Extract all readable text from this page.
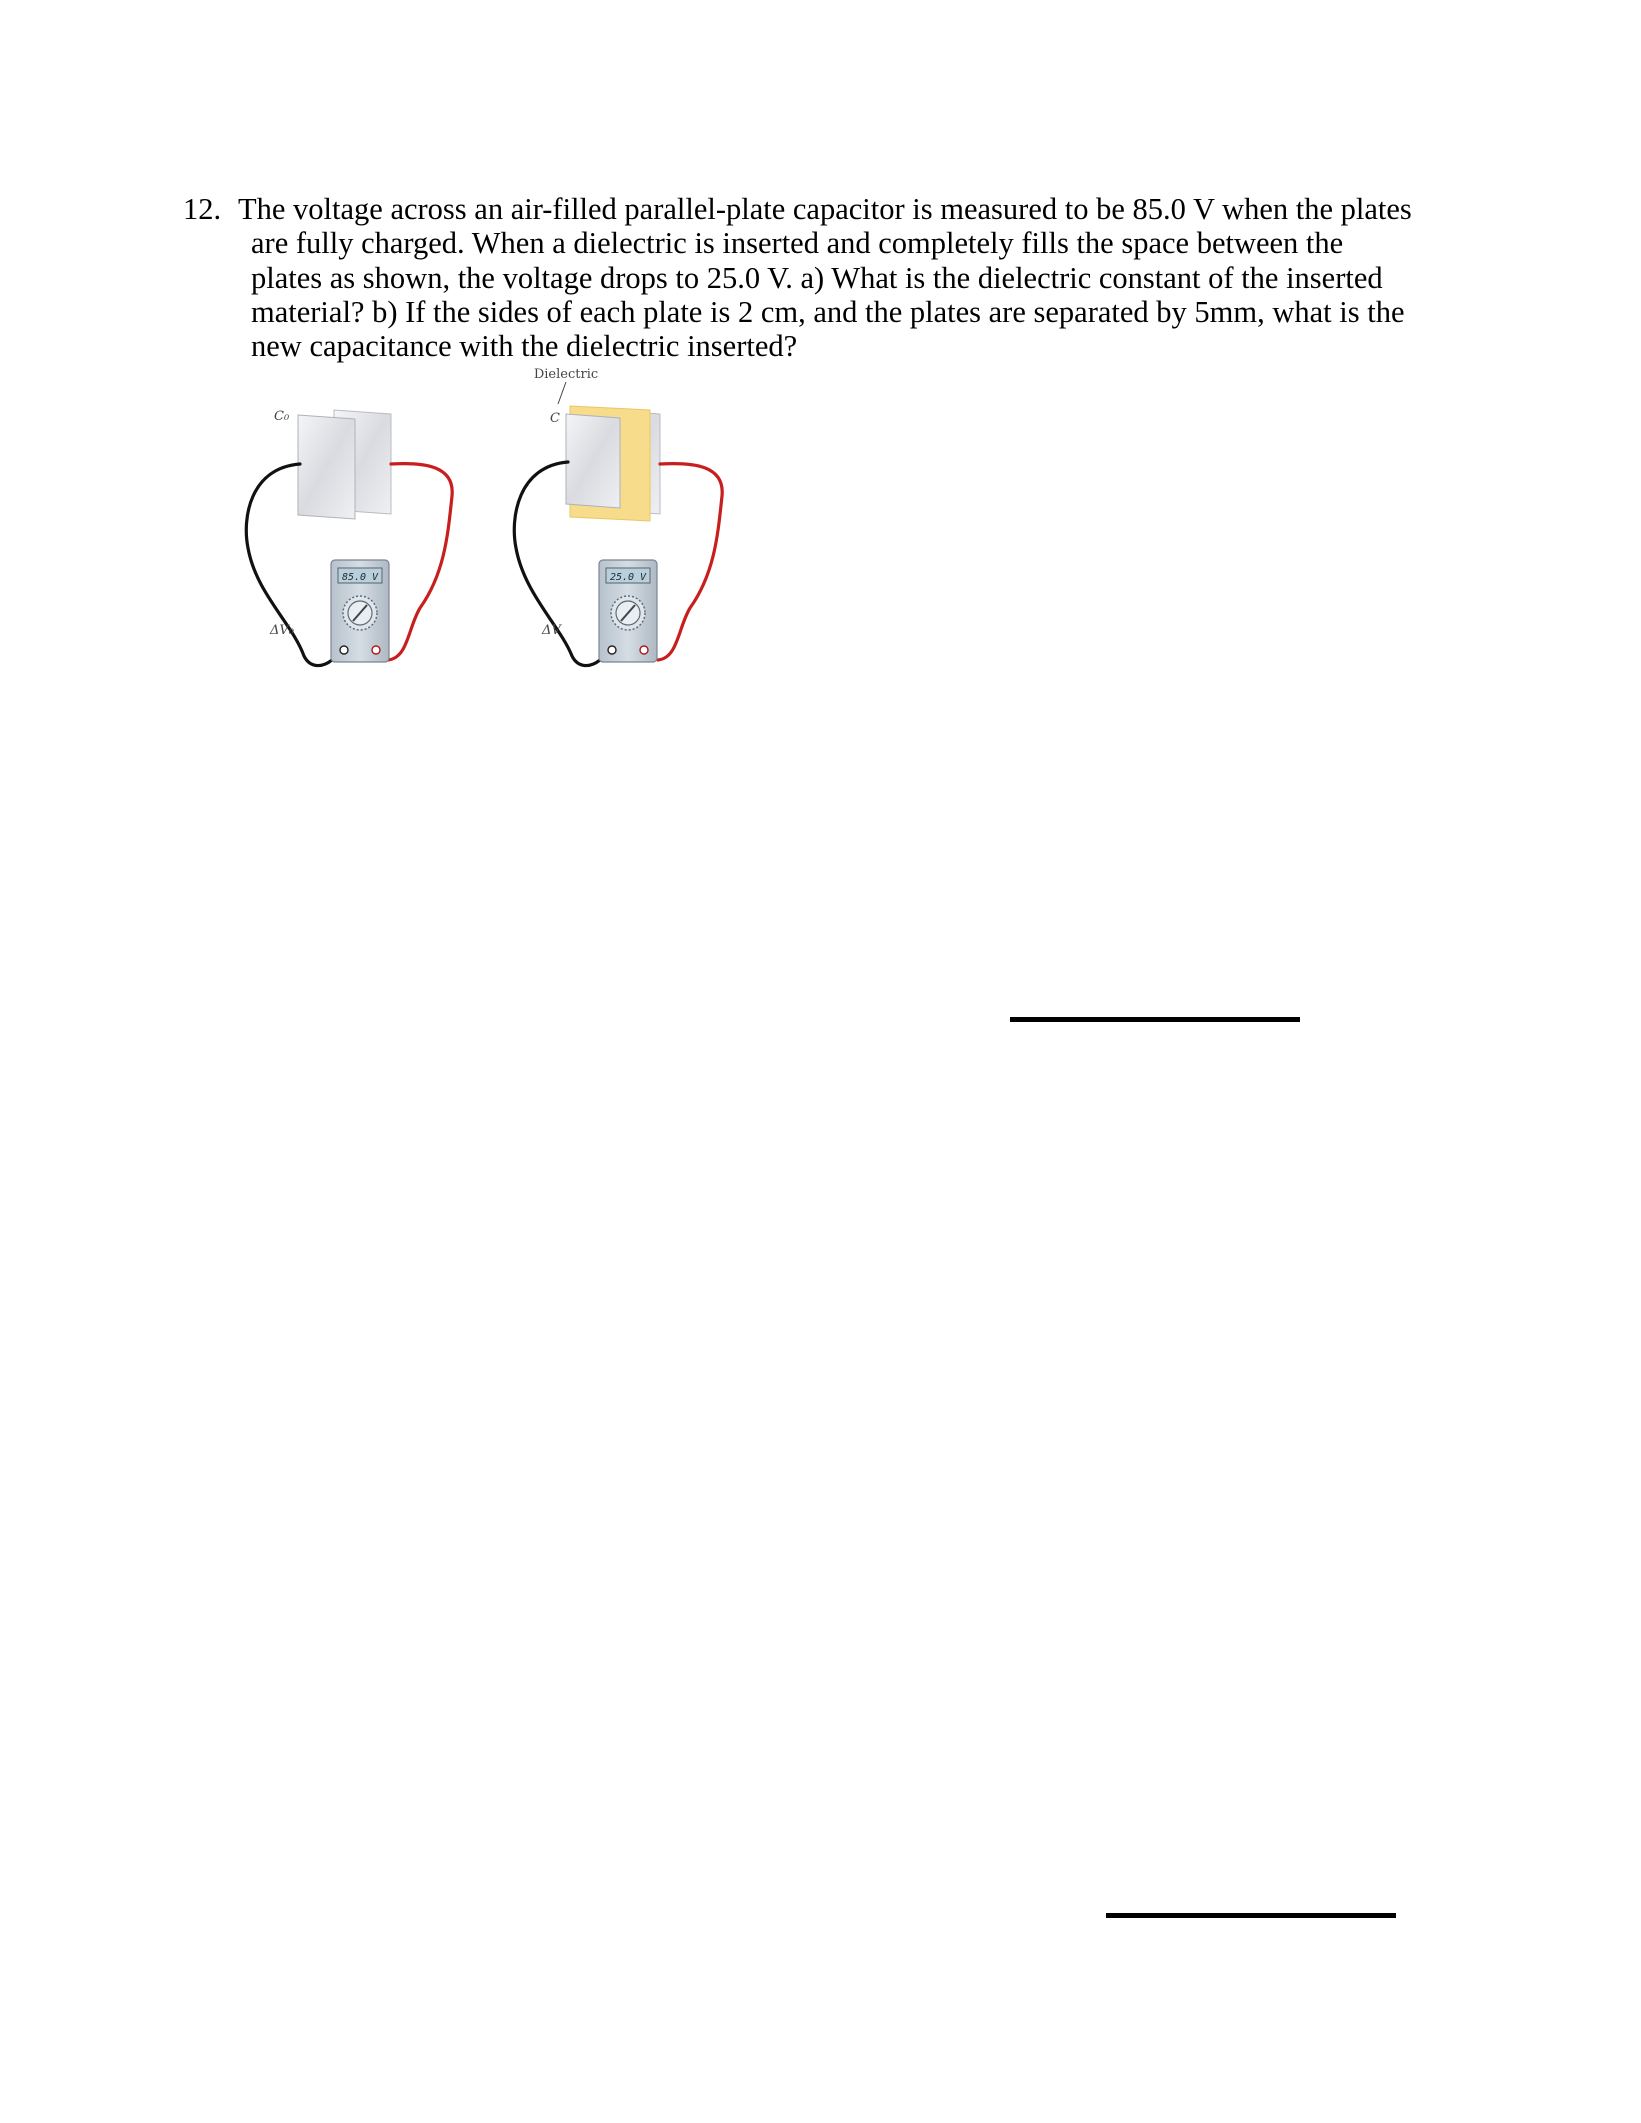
12. The voltage across an air-filled parallel-plate capacitor is measured to be 85.0 V when the plates are fully charged. When a dielectric is inserted and completely fills the space between the plates as shown, the voltage drops to 25.0 V. a) What is the dielectric constant of the inserted material? b) If the sides of each plate is 2 cm, and the plates are separated by 5mm, what is the new capacitance with the dielectric inserted?
C₀
85.0 V
ΔV₀
Dielectric
C
25.0 V
ΔV
